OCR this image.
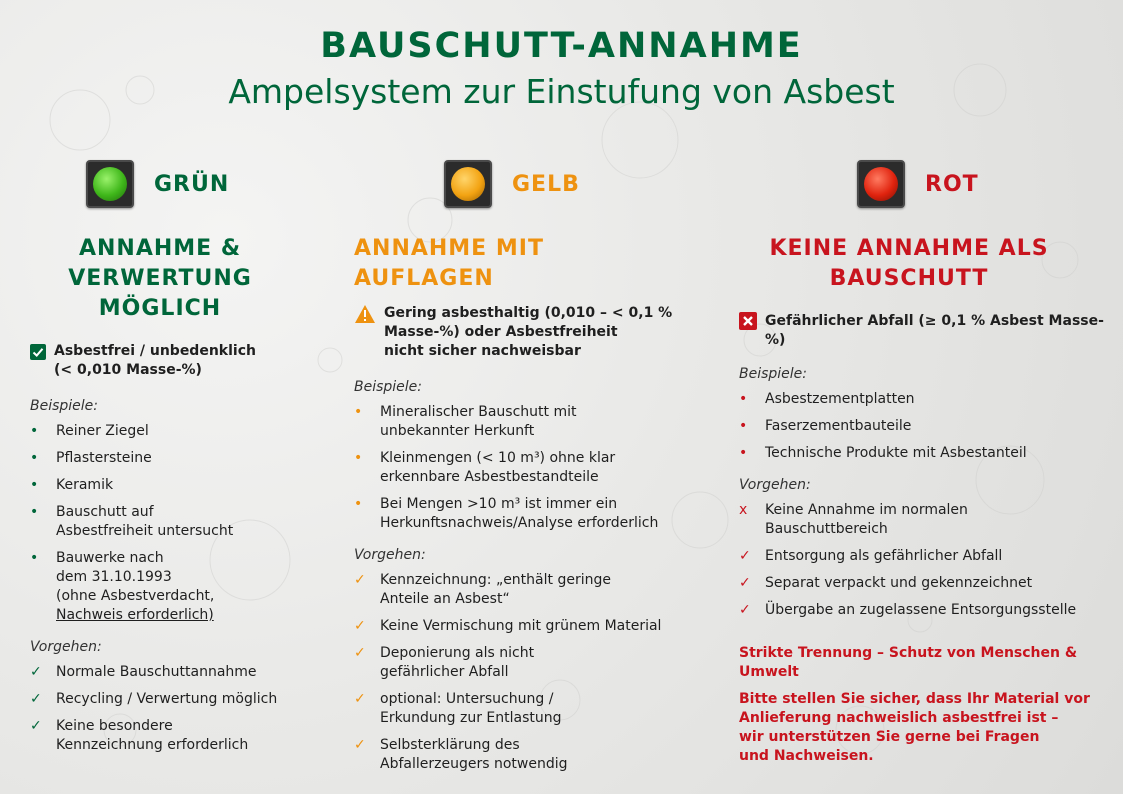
BAUSCHUTT-ANNAHME
Ampelsystem zur Einstufung von Asbest
GRÜN
ANNAHME &
VERWERTUNG
MÖGLICH
Asbestfrei / unbedenklich
(< 0,010 Masse-%)
Beispiele:
•	Reiner Ziegel
•	Pflastersteine
•	Keramik
•	Bauschutt auf
Asbestfreiheit untersucht
•	Bauwerke nach
dem 31.10.1993
(ohne Asbestverdacht,
Nachweis erforderlich)
Vorgehen:
✓	Normale Bauschuttannahme
✓	Recycling / Verwertung möglich
✓	Keine besondere
Kennzeichnung erforderlich
GELB
ANNAHME MIT AUFLAGEN
Gering asbesthaltig (0,010 – < 0,1 %
Masse-%) oder Asbestfreiheit
nicht sicher nachweisbar
Beispiele:
•	Mineralischer Bauschutt mit
unbekannter Herkunft
•	Kleinmengen (< 10 m³) ohne klar
erkennbare Asbestbestandteile
•	Bei Mengen >10 m³ ist immer ein
Herkunftsnachweis/Analyse erforderlich
Vorgehen:
✓	Kennzeichnung: „enthält geringe
Anteile an Asbest“
✓	Keine Vermischung mit grünem Material
✓	Deponierung als nicht
gefährlicher Abfall
✓	optional: Untersuchung /
Erkundung zur Entlastung
✓	Selbsterklärung des
Abfallerzeugers notwendig
ROT
KEINE ANNAHME ALS
BAUSCHUTT
Gefährlicher Abfall (≥ 0,1 % Asbest Masse-%)
Beispiele:
•	Asbestzementplatten
•	Faserzementbauteile
•	Technische Produkte mit Asbestanteil
Vorgehen:
x	Keine Annahme im normalen
Bauschuttbereich
✓	Entsorgung als gefährlicher Abfall
✓	Separat verpackt und gekennzeichnet
✓	Übergabe an zugelassene Entsorgungsstelle
Strikte Trennung – Schutz von Menschen &
Umwelt
Bitte stellen Sie sicher, dass Ihr Material vor
Anlieferung nachweislich asbestfrei ist –
wir unterstützen Sie gerne bei Fragen
und Nachweisen.
